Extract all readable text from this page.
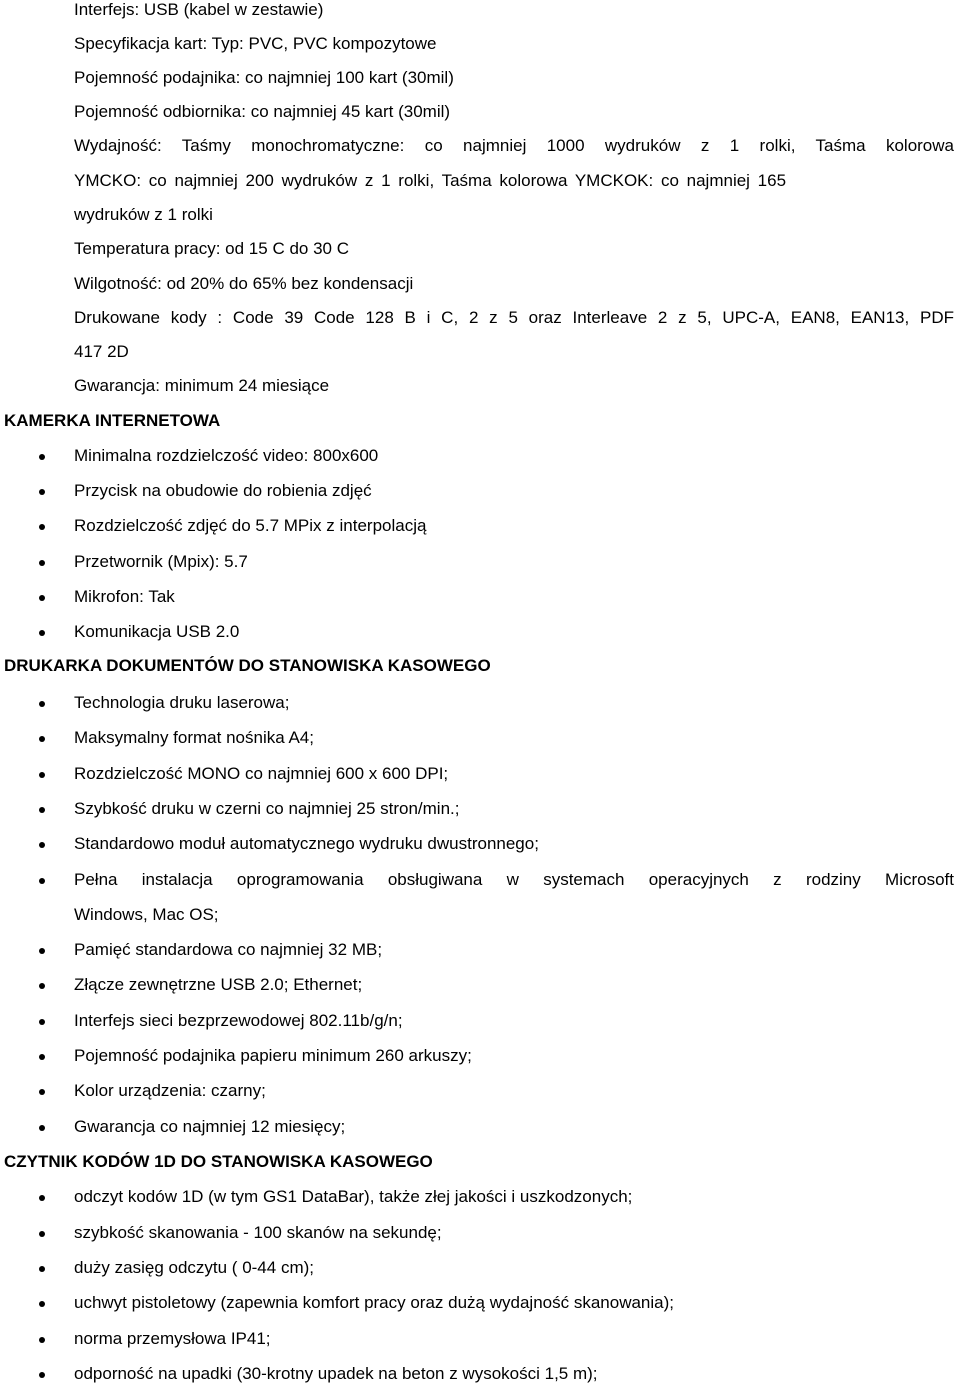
Interfejs: USB (kabel w zestawie)
Specyfikacja kart: Typ: PVC, PVC kompozytowe
Pojemność podajnika: co najmniej 100 kart (30mil)
Pojemność odbiornika: co najmniej 45 kart (30mil)
Wydajność: Taśmy monochromatyczne: co najmniej 1000 wydruków z 1 rolki, Taśma kolorowa
YMCKO: co najmniej 200 wydruków z 1 rolki, Taśma kolorowa YMCKOK: co najmniej 165
wydruków z 1 rolki
Temperatura pracy: od 15 C do 30 C
Wilgotność: od 20% do 65% bez kondensacji
Drukowane kody : Code 39 Code 128 B i C, 2 z 5 oraz Interleave 2 z 5, UPC-A, EAN8, EAN13, PDF
417 2D
Gwarancja: minimum 24 miesiące
KAMERKA INTERNETOWA
Minimalna rozdzielczość video: 800x600
Przycisk na obudowie do robienia zdjęć
Rozdzielczość zdjęć do 5.7 MPix z interpolacją
Przetwornik (Mpix): 5.7
Mikrofon: Tak
Komunikacja USB 2.0
DRUKARKA DOKUMENTÓW DO STANOWISKA KASOWEGO
Technologia druku laserowa;
Maksymalny format nośnika A4;
Rozdzielczość MONO co najmniej 600 x 600 DPI;
Szybkość druku w czerni co najmniej 25 stron/min.;
Standardowo moduł automatycznego wydruku dwustronnego;
Pełna instalacja oprogramowania obsługiwana w systemach operacyjnych z rodziny Microsoft
Windows, Mac OS;
Pamięć standardowa co najmniej 32 MB;
Złącze zewnętrzne USB 2.0; Ethernet;
Interfejs sieci bezprzewodowej 802.11b/g/n;
Pojemność podajnika papieru minimum 260 arkuszy;
Kolor urządzenia: czarny;
Gwarancja co najmniej 12 miesięcy;
CZYTNIK KODÓW 1D DO STANOWISKA KASOWEGO
odczyt kodów 1D (w tym GS1 DataBar), także złej jakości i uszkodzonych;
szybkość skanowania - 100 skanów na sekundę;
duży zasięg odczytu ( 0-44 cm);
uchwyt pistoletowy (zapewnia komfort pracy oraz dużą wydajność skanowania);
norma przemysłowa IP41;
odporność na upadki (30-krotny upadek na beton z wysokości 1,5 m);
